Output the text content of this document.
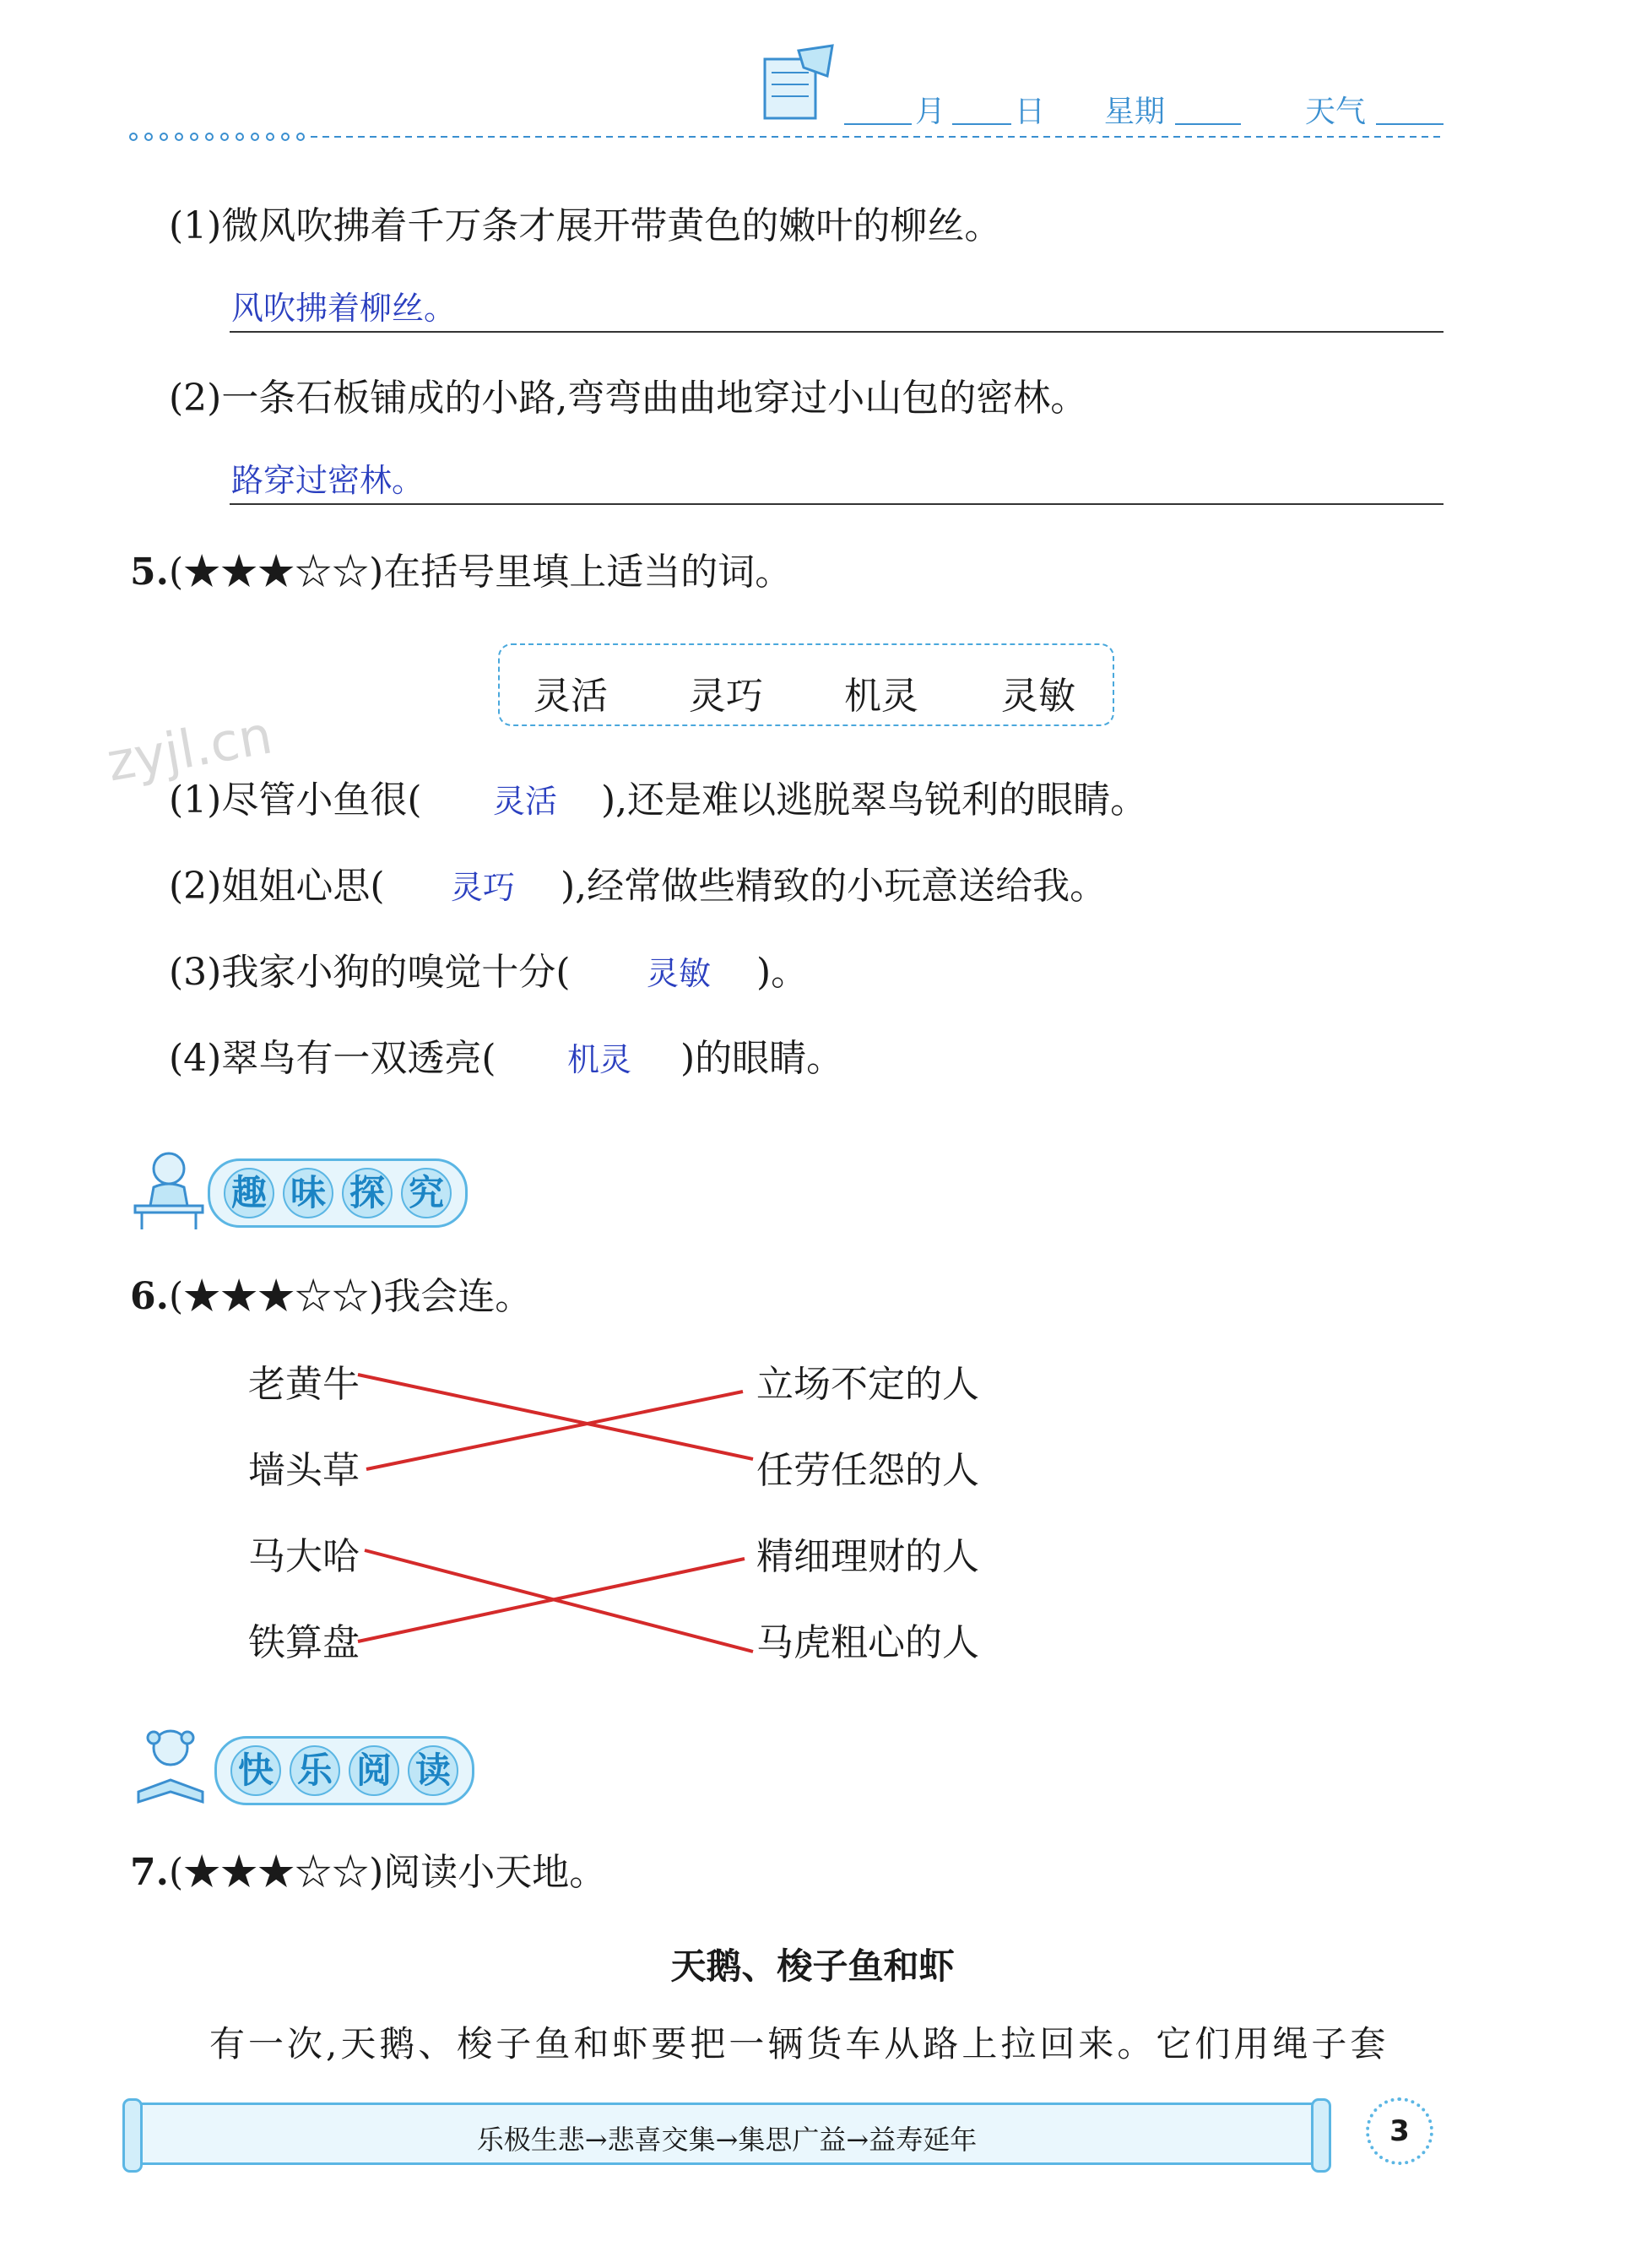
月 日 星期	天气
(1)微风吹拂着千万条才展开带黄色的嫩叶的柳丝。
风吹拂着柳丝。
(2)一条石板铺成的小路,弯弯曲曲地穿过小山包的密林。
路穿过密林。
5.(★★★☆☆)在括号里填上适当的词。
灵活 灵巧 机灵 灵敏
zyjl.cn
(1)尽管小鱼很( 灵活 ),还是难以逃脱翠鸟锐利的眼睛。
(2)姐姐心思( 灵巧 ),经常做些精致的小玩意送给我。
(3)我家小狗的嗅觉十分( 灵敏 )。
(4)翠鸟有一双透亮( 机灵 )的眼睛。
趣 味 探 究
6.(★★★☆☆)我会连。
老黄牛
墙头草
马大哈
铁算盘
立场不定的人
任劳任怨的人
精细理财的人
马虎粗心的人
快 乐 阅 读
7.(★★★☆☆)阅读小天地。
天鹅、梭子鱼和虾
有一次,天鹅、梭子鱼和虾要把一辆货车从路上拉回来。它们用绳子套
乐极生悲→悲喜交集→集思广益→益寿延年	3
